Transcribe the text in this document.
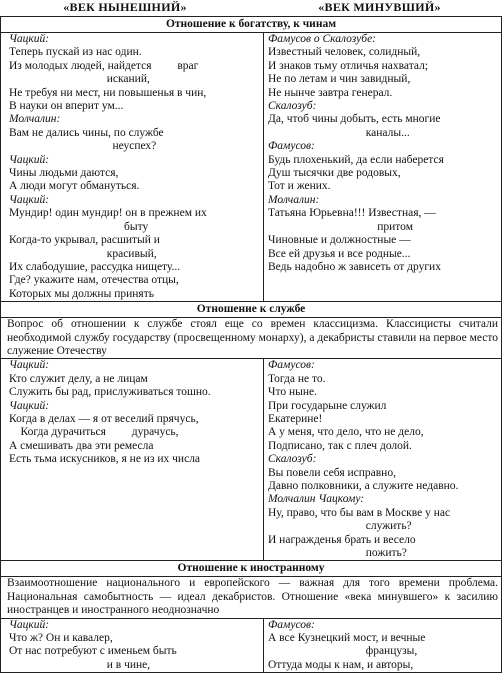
«ВЕК НЫНЕШНИЙ»	«ВЕК МИНУВШИЙ»
Отношение к богатству, к чинам
Чацкий:
Теперь пускай из нас один.
Из молодых людей, найдется         враг
исканий,
Не требуя ни мест, ни повышенья в чин,
В науки он вперит ум...
Молчалин:
Вам не дались чины, по службе
неуспех?
Чацкий:
Чины людьми даются,
А люди могут обмануться.
Чацкий:
Мундир! один мундир! он в прежнем их
быту
Когда-то укрывал, расшитый и
красивый,
Их слабодушие, рассудка нищету...
Где? укажите нам, отечества отцы,
Которых мы должны принять
Фамусов о Скалозубе:
Известный человек, солидный,
И знаков тьму отличья нахватал;
Не по летам и чин завидный,
Не нынче завтра генерал.
Скалозуб:
Да, чтоб чины добыть, есть многие
каналы...
Фамусов:
Будь плохенький, да если наберется
Душ тысячки две родовых,
Тот и жених.
Молчалин:
Татьяна Юрьевна!!! Известная, —
притом
Чиновные и должностные —
Все ей друзья и все родные...
Ведь надобно ж зависеть от других
Отношение к службе
Вопрос об отношении к службе стоял еще со времен классицизма. Классицисты считали необходимой службу государству (просвещенному монарху), а декабристы ставили на первое место служение Отечеству
Чацкий:
Кто служит делу, а не лицам
Служить бы рад, прислуживаться тошно.
Чацкий:
Когда в делах — я от веселий прячусь,
Когда дурачиться         дурачусь,
А смешивать два эти ремесла
Есть тьма искусников, я не из их числа
Фамусов:
Тогда не то.
Что ныне.
При государыне служил
Екатерине!
А у меня, что дело, что не дело,
Подписано, так с плеч долой.
Скалозуб:
Вы повели себя исправно,
Давно полковники, а служите недавно.
Молчалин Чацкому:
Ну, право, что бы вам в Москве у нас
служить?
И награжденья брать и весело
пожить?
Отношение к иностранному
Взаимоотношение национального и европейского — важная для того времени проблема. Национальная самобытность — идеал декабристов. Отношение «века минувшего» к засилию иностранцев и иностранного неоднозначно
Чацкий:
Что ж? Он и кавалер,
От нас потребуют с именьем быть
и в чине,
Фамусов:
А все Кузнецкий мост, и вечные
французы,
Оттуда моды к нам, и авторы,
